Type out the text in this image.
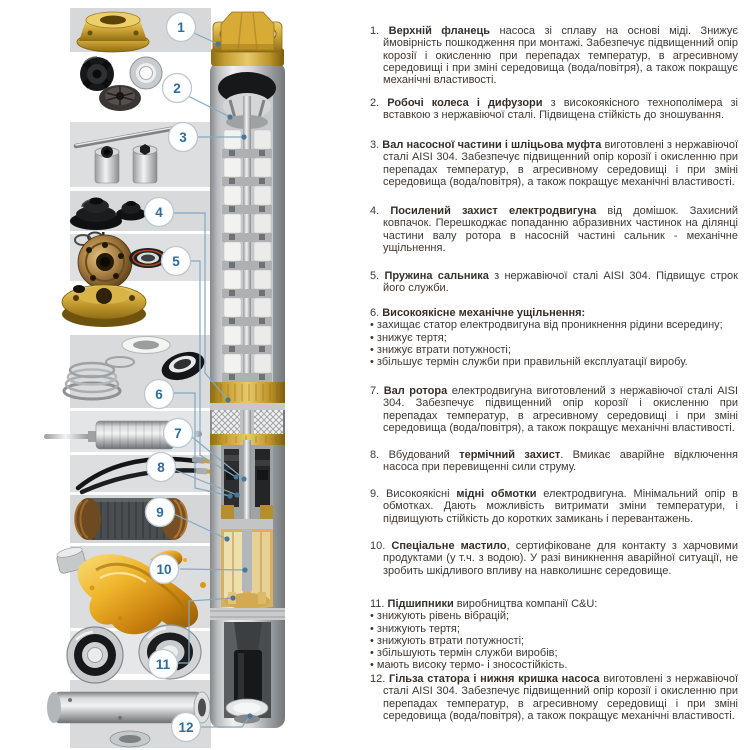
1
2
3
4
5
6
7
8
9
10
11
12

1. Верхній фланець насоса зі сплаву на основі міді. Знижує ймовірність пошкодження при монтажі. Забезпечує підвищенний опір корозії і окисленню при перепадах температур, в агресивному середовищі і при зміні середовища (вода/повітря), а також покращує механічні властивості.

2. Робочі колеса і дифузори з високоякісного технополімера зі вставкою з нержавіючої сталі. Підвищена стійкість до зношування.

3. Вал насосної частини і шліцьова муфта виготовлені з нержавіючої сталі AISI 304. Забезпечує підвищенний опір корозії і окисленню при перепадах температур, в агресивному середовищі і при зміні середовища (вода/повітря), а також покращує механічні властивості.

4. Посилений захист електродвигуна від домішок. Захисний ковпачок. Перешкоджає попаданню абразивних частинок на ділянці частини валу ротора в насосній частині сальник - механічне ущільнення.

5. Пружина сальника з нержавіючої сталі AISI 304. Підвищує строк його служби.

6. Високоякісне механічне ущільнення:

• захищає статор електродвигуна від проникнення рідини всередину;
• знижує тертя;
• знижує втрати потужності;
• збільшує термін служби при правильній експлуатації виробу.

7. Вал ротора електродвигуна виготовлений з нержавіючої сталі AISI 304. Забезпечує підвищенний опір корозії і окисленню при перепадах температур, в агресивному середовищі і при зміні середовища (вода/повітря), а також покращує механічні властивості.

8. Вбудований термічний захист. Вмикає аварійне відключення насоса при перевищенні сили струму.

9. Високоякісні мідні обмотки електродвигуна. Мінімальний опір в обмотках. Дають можливість витримати зміни температури, і підвищують стійкість до коротких замикань і перевантажень.

10. Спеціальне мастило, сертифіковане для контакту з харчовими продуктами (у т.ч. з водою). У разі виникнення аварійної ситуації, не зробить шкідливого впливу на навколишнє середовище.

11. Підшипники виробництва компанії C&U:

• знижують рівень вібрацій;
• знижують тертя;
• знижують втрати потужності;
• збільшують термін служби виробів;
• мають високу термо- і зносостійкість.

12. Гільза статора і нижня кришка насоса виготовлені з нержавіючої сталі AISI 304. Забезпечує підвищенний опір корозії і окисленню при перепадах температур, в агресивному середовищі і при зміні середовища (вода/повітря), а також покращує механічні властивості.
